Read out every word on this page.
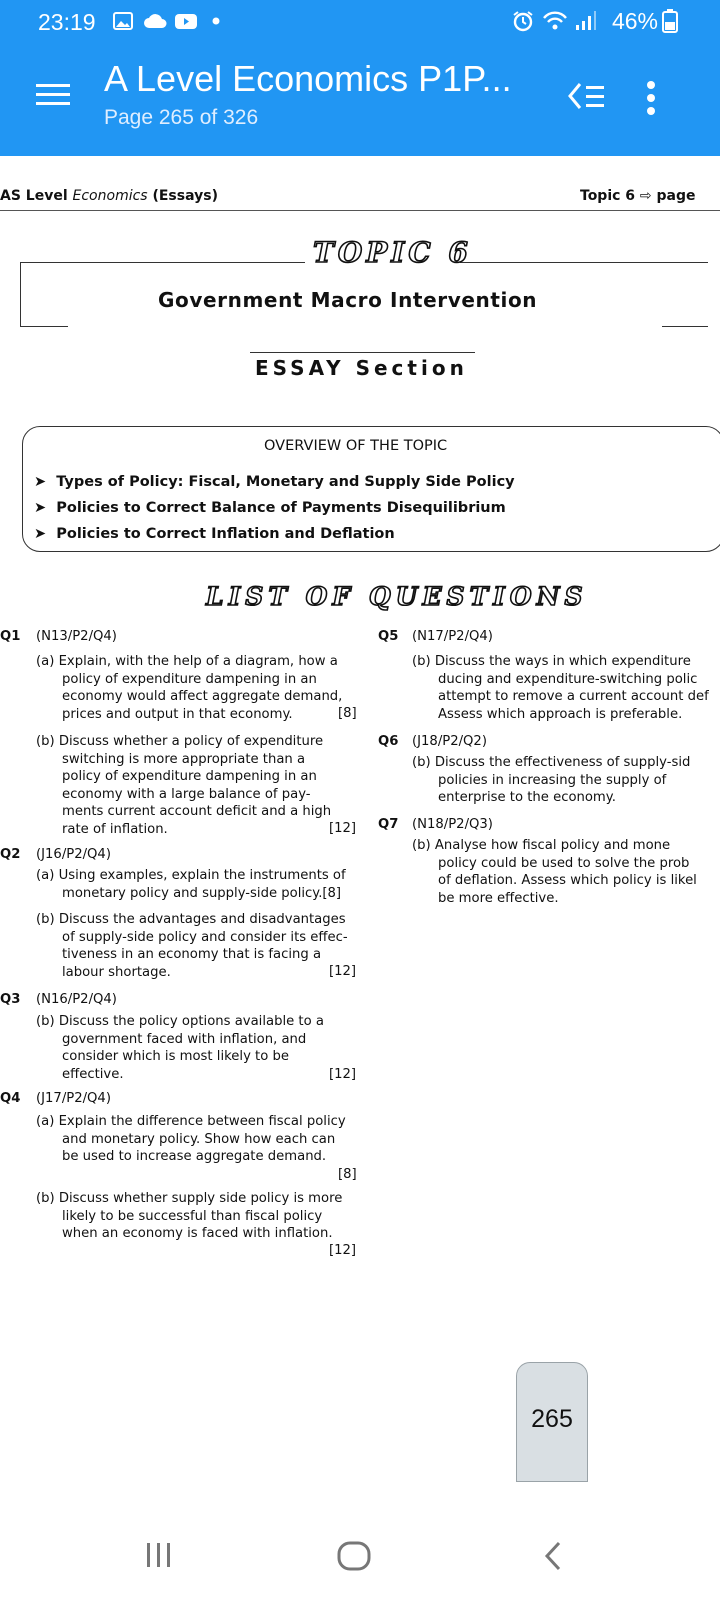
23:19	46%
A Level Economics P1P...
Page 265 of 326
AS Level Economics (Essays)	Topic 6 ⇨ page
TOPIC 6
Government Macro Intervention
ESSAY Section
OVERVIEW OF THE TOPIC
➤  Types of Policy: Fiscal, Monetary and Supply Side Policy
➤  Policies to Correct Balance of Payments Disequilibrium
➤  Policies to Correct Inflation and Deflation
LIST OF QUESTIONS
Q1 (N13/P2/Q4)
(a) Explain, with the help of a diagram, how a
policy of expenditure dampening in an
economy would affect aggregate demand,
prices and output in that economy.	[8]
(b) Discuss whether a policy of expenditure
switching is more appropriate than a
policy of expenditure dampening in an
economy with a large balance of pay-
ments current account deficit and a high
rate of inflation.	[12]
Q2 (J16/P2/Q4)
(a) Using examples, explain the instruments of
monetary policy and supply-side policy.[8]
(b) Discuss the advantages and disadvantages
of supply-side policy and consider its effec-
tiveness in an economy that is facing a
labour shortage.	[12]
Q3 (N16/P2/Q4)
(b) Discuss the policy options available to a
government faced with inflation, and
consider which is most likely to be
effective.	[12]
Q4 (J17/P2/Q4)
(a) Explain the difference between fiscal policy
and monetary policy. Show how each can
be used to increase aggregate demand.
[8]
(b) Discuss whether supply side policy is more
likely to be successful than fiscal policy
when an economy is faced with inflation.
[12]
Q5 (N17/P2/Q4)
(b) Discuss the ways in which expenditure
ducing and expenditure-switching polic
attempt to remove a current account def
Assess which approach is preferable.
Q6 (J18/P2/Q2)
(b) Discuss the effectiveness of supply-sid
policies in increasing the supply of
enterprise to the economy.
Q7 (N18/P2/Q3)
(b) Analyse how fiscal policy and mone
policy could be used to solve the prob
of deflation. Assess which policy is likel
be more effective.
265
